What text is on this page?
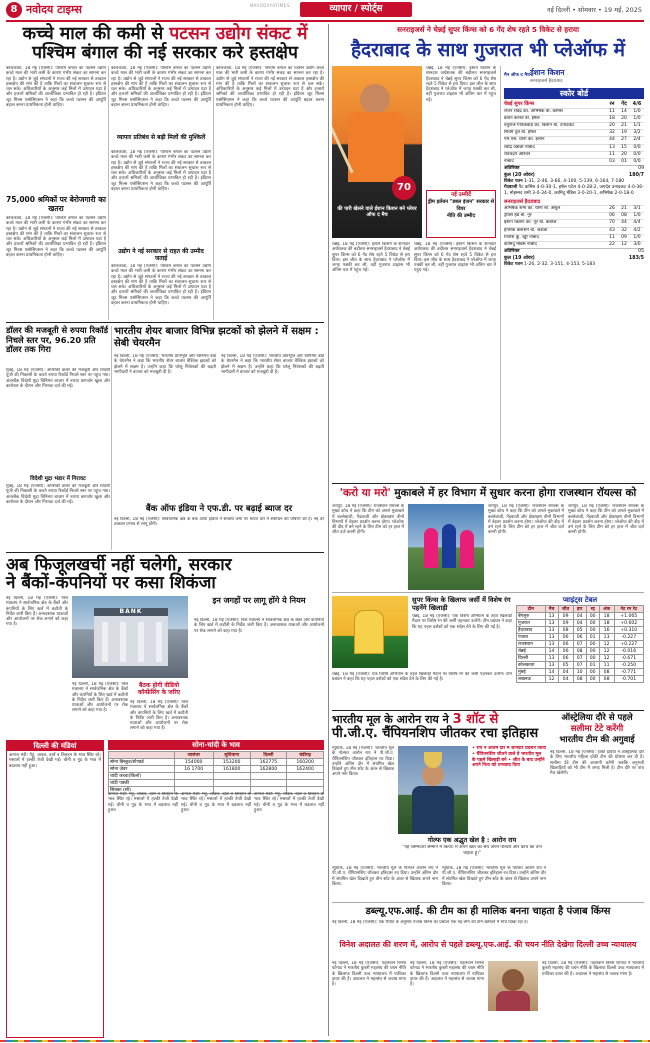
8 नवोदय टाइम्स	NAVODAYATIMES	व्यापार / स्पोर्ट्स	नई दिल्ली • सोमवार • 19 मई, 2025
कच्चे माल की कमी से पटसन उद्योग संकट में
पश्चिम बंगाल की नई सरकार करे हस्तक्षेप
कोलकाता, 18 मई (एजेंसी): पश्चिम बंगाल का पटसन उद्योग कच्चे माल की भारी कमी के कारण गंभीर संकट का सामना कर रहा है। उद्योग से जुड़े संगठनों ने राज्य की नई सरकार से तत्काल हस्तक्षेप की मांग की है ताकि मिलों का संचालन सुचारू रूप से चल सके। अधिकारियों के अनुसार कई मिलों में उत्पादन घटा है और हजारों श्रमिकों की आजीविका प्रभावित हो रही है। इंडियन जूट मिल्स एसोसिएशन ने कहा कि कच्चे पटसन की आपूर्ति बहाल करना प्राथमिकता होनी चाहिए।
75,000 श्रमिकों पर बेरोजगारी का खतरा
कोलकाता, 18 मई (एजेंसी): पश्चिम बंगाल का पटसन उद्योग कच्चे माल की भारी कमी के कारण गंभीर संकट का सामना कर रहा है। उद्योग से जुड़े संगठनों ने राज्य की नई सरकार से तत्काल हस्तक्षेप की मांग की है ताकि मिलों का संचालन सुचारू रूप से चल सके। अधिकारियों के अनुसार कई मिलों में उत्पादन घटा है और हजारों श्रमिकों की आजीविका प्रभावित हो रही है। इंडियन जूट मिल्स एसोसिएशन ने कहा कि कच्चे पटसन की आपूर्ति बहाल करना प्राथमिकता होनी चाहिए।
कोलकाता, 18 मई (एजेंसी): पश्चिम बंगाल का पटसन उद्योग कच्चे माल की भारी कमी के कारण गंभीर संकट का सामना कर रहा है। उद्योग से जुड़े संगठनों ने राज्य की नई सरकार से तत्काल हस्तक्षेप की मांग की है ताकि मिलों का संचालन सुचारू रूप से चल सके। अधिकारियों के अनुसार कई मिलों में उत्पादन घटा है और हजारों श्रमिकों की आजीविका प्रभावित हो रही है। इंडियन जूट मिल्स एसोसिएशन ने कहा कि कच्चे पटसन की आपूर्ति बहाल करना प्राथमिकता होनी चाहिए।
व्यापार प्रतिबंध से बढ़ी मिलों की मुश्किलें
कोलकाता, 18 मई (एजेंसी): पश्चिम बंगाल का पटसन उद्योग कच्चे माल की भारी कमी के कारण गंभीर संकट का सामना कर रहा है। उद्योग से जुड़े संगठनों ने राज्य की नई सरकार से तत्काल हस्तक्षेप की मांग की है ताकि मिलों का संचालन सुचारू रूप से चल सके। अधिकारियों के अनुसार कई मिलों में उत्पादन घटा है और हजारों श्रमिकों की आजीविका प्रभावित हो रही है। इंडियन जूट मिल्स एसोसिएशन ने कहा कि कच्चे पटसन की आपूर्ति बहाल करना प्राथमिकता होनी चाहिए।
उद्योग ने नई सरकार से राहत की उम्मीद जताई
कोलकाता, 18 मई (एजेंसी): पश्चिम बंगाल का पटसन उद्योग कच्चे माल की भारी कमी के कारण गंभीर संकट का सामना कर रहा है। उद्योग से जुड़े संगठनों ने राज्य की नई सरकार से तत्काल हस्तक्षेप की मांग की है ताकि मिलों का संचालन सुचारू रूप से चल सके। अधिकारियों के अनुसार कई मिलों में उत्पादन घटा है और हजारों श्रमिकों की आजीविका प्रभावित हो रही है। इंडियन जूट मिल्स एसोसिएशन ने कहा कि कच्चे पटसन की आपूर्ति बहाल करना प्राथमिकता होनी चाहिए।
कोलकाता, 18 मई (एजेंसी): पश्चिम बंगाल का पटसन उद्योग कच्चे माल की भारी कमी के कारण गंभीर संकट का सामना कर रहा है। उद्योग से जुड़े संगठनों ने राज्य की नई सरकार से तत्काल हस्तक्षेप की मांग की है ताकि मिलों का संचालन सुचारू रूप से चल सके। अधिकारियों के अनुसार कई मिलों में उत्पादन घटा है और हजारों श्रमिकों की आजीविका प्रभावित हो रही है। इंडियन जूट मिल्स एसोसिएशन ने कहा कि कच्चे पटसन की आपूर्ति बहाल करना प्राथमिकता होनी चाहिए।
डॉलर की मजबूती से रुपया रिकॉर्ड निचले स्तर पर, 96.20 प्रति डॉलर तक गिरा
मुंबई, 18 मई (एजेंसी): अमरीकी डॉलर की मजबूती और विदेशी पूंजी की निकासी के चलते रुपया रिकॉर्ड निचले स्तर पर पहुंच गया। अंतरबैंक विदेशी मुद्रा विनिमय बाजार में रुपया कमजोर खुला और कारोबार के दौरान और गिरावट दर्ज की गई।
विदेशी मुद्रा भंडार में गिरावट
मुंबई, 18 मई (एजेंसी): अमरीकी डॉलर की मजबूती और विदेशी पूंजी की निकासी के चलते रुपया रिकॉर्ड निचले स्तर पर पहुंच गया। अंतरबैंक विदेशी मुद्रा विनिमय बाजार में रुपया कमजोर खुला और कारोबार के दौरान और गिरावट दर्ज की गई।
भारतीय शेयर बाजार विभिन्न झटकों को झेलने में सक्षम : सेबी चेयरमैन
नई दिल्ली, 18 मई (एजेंसी): भारतीय प्रतिभूति और विनिमय बोर्ड के चेयरमैन ने कहा कि भारतीय शेयर बाजार वैश्विक झटकों को झेलने में सक्षम है। उन्होंने कहा कि घरेलू निवेशकों की बढ़ती भागीदारी ने बाजार को मजबूती दी है।
नई दिल्ली, 18 मई (एजेंसी): भारतीय प्रतिभूति और विनिमय बोर्ड के चेयरमैन ने कहा कि भारतीय शेयर बाजार वैश्विक झटकों को झेलने में सक्षम है। उन्होंने कहा कि घरेलू निवेशकों की बढ़ती भागीदारी ने बाजार को मजबूती दी है।
बैंक ऑफ इंडिया ने एफ.डी. पर बढ़ाई ब्याज दर
नई दिल्ली, 18 मई (एजेंसी): सार्वजनिक क्षेत्र के बैंक ऑफ इंडिया ने सावधि जमा पर ब्याज दरों में संशोधन की घोषणा की है। नई दरें तत्काल प्रभाव से लागू होंगी।
अब फिजूलखर्ची नहीं चलेगी, सरकार
ने बैंकों-कंपनियों पर कसा शिकंजा
नई दिल्ली, 18 मई (एजेंसी): वित्त मंत्रालय ने सार्वजनिक क्षेत्र के बैंकों और कंपनियों के लिए खर्च में कटौती के निर्देश जारी किए हैं। अनावश्यक यात्राओं और आयोजनों पर रोक लगाने को कहा गया है।
BANK
नई दिल्ली, 18 मई (एजेंसी): वित्त मंत्रालय ने सार्वजनिक क्षेत्र के बैंकों और कंपनियों के लिए खर्च में कटौती के निर्देश जारी किए हैं। अनावश्यक यात्राओं और आयोजनों पर रोक लगाने को कहा गया है।
बैठक होगी वीडियो कॉन्फ्रेंसिंग के जरिए
नई दिल्ली, 18 मई (एजेंसी): वित्त मंत्रालय ने सार्वजनिक क्षेत्र के बैंकों और कंपनियों के लिए खर्च में कटौती के निर्देश जारी किए हैं। अनावश्यक यात्राओं और आयोजनों पर रोक लगाने को कहा गया है।
इन जगहों पर लागू होंगे ये नियम
नई दिल्ली, 18 मई (एजेंसी): वित्त मंत्रालय ने सार्वजनिक क्षेत्र के बैंकों और कंपनियों के लिए खर्च में कटौती के निर्देश जारी किए हैं। अनावश्यक यात्राओं और आयोजनों पर रोक लगाने को कहा गया है।
दिल्ली की मंडियां
अनाज मंडी: गेहूं, चावल, दालें व तिलहन के भाव स्थिर रहे। मसालों में हल्की तेजी देखी गई। चीनी व गुड़ के भाव में बदलाव नहीं हुआ।
सोना-चांदी के भाव
	जालंधर	लुधियाना	दिल्ली	चंडीगढ़
सोना बिस्कुट/स्टैण्डर्ड	154000	153200	162775	160200
सोना ज़ेवर	16 1700	161800	162800	162400
चांदी कच्चा(किलो)				
चांदी पक्की				
सिक्का (सौ)				
अनाज मंडी: गेहूं, चावल, दालें व तिलहन के भाव स्थिर रहे। मसालों में हल्की तेजी देखी गई। चीनी व गुड़ के भाव में बदलाव नहीं हुआ।
अनाज मंडी: गेहूं, चावल, दालें व तिलहन के भाव स्थिर रहे। मसालों में हल्की तेजी देखी गई। चीनी व गुड़ के भाव में बदलाव नहीं हुआ।
अनाज मंडी: गेहूं, चावल, दालें व तिलहन के भाव स्थिर रहे। मसालों में हल्की तेजी देखी गई। चीनी व गुड़ के भाव में बदलाव नहीं हुआ।
सनराइजर्स ने चेन्नई सुपर किंग्स को 6 गेंद शेष रहते 5 विकेट से हराया
हैदराबाद के साथ गुजरात भी प्लेऑफ में
70
की पारी खेलने वाले ईशान किशन बने प्लेयर ऑफ द मैच
चेन्नई, 18 मई (एजेंसी): ईशान किशन के शानदार अर्धशतक की बदौलत सनराइजर्स हैदराबाद ने चेन्नई सुपर किंग्स को 6 गेंद शेष रहते 5 विकेट से हरा दिया। इस जीत के साथ हैदराबाद ने प्लेऑफ में जगह पक्की कर ली, वहीं गुजरात टाइटंस भी अंतिम चार में पहुंच गई।
चेन्नई, 18 मई (एजेंसी): ईशान किशन के शानदार अर्धशतक की बदौलत सनराइजर्स हैदराबाद ने चेन्नई सुपर किंग्स को 6 गेंद शेष रहते 5 विकेट से हरा दिया। इस जीत के साथ हैदराबाद ने प्लेऑफ में जगह पक्की कर ली, वहीं गुजरात टाइटंस भी अंतिम चार में पहुंच गई।
चेन्नई, 18 मई (एजेंसी): ईशान किशन के शानदार अर्धशतक की बदौलत सनराइजर्स हैदराबाद ने चेन्नई सुपर किंग्स को 6 गेंद शेष रहते 5 विकेट से हरा दिया। इस जीत के साथ हैदराबाद ने प्लेऑफ में जगह पक्की कर ली, वहीं गुजरात टाइटंस भी अंतिम चार में पहुंच गई।
नई उम्मीदें
ड्रीम इलेवन "डबल इंजन" सरकार से विवर
नीति की उम्मीद
मैन ऑफ द मैच ईशान किशन
सनराइजर्स हैदराबाद
स्कोर बोर्ड
चेन्नई सुपर किंग्स	रन	गेंद	4/6
रचिन रविंद्र का. अभिषेक बो. कमिंस	11	14	1/0
डेवोन कॉनवे बो. हर्षल	18	20	1/0
रुतुराज गायकवाड़ का. किशन बो. उनादकट	20	21	1/1
शिवम दुबे बो. हर्षल	32	19	3/2
एम.एस. धोनी का. ईशान	44	27	2/4
रवींद्र जडेजा नाबाद	13	15	0/0
रविचंद्रन अश्विन	11	20	0/0
नाबाद	03	01	0/0
अतिरिक्त	09
कुल (20 ओवर)	180/7
विकेट पतन 1-31, 2-46, 3-66, 4-100, 5-139, 6-164, 7-180
गेंदबाजी पैट कमिंस 4-0-30-1, हर्षल पटेल 4-0-28-2, जयदेव उनादकट 4-0-36-1, मोहम्मद शमी 3-0-34-0, कामिंदु मेंडिस 3-0-20-1, अभिषेक 2-0-18-0
सनराइजर्स हैदराबाद
अभिषेक शर्मा का. धोनी बो. अंशुल	26	21	3/1
ट्रेविस हेड बो. नूर	06	08	1/0
ईशान किशन का. नूर बो. कंबोज	70	44	4/4
हेनरिक क्लासेन बो. जडेजा	43	32	4/2
नितीश कु. रेड्डी नाबाद	11	09	1/0
कामिंदु मेंडिस नाबाद	22	12	3/0
अतिरिक्त	05
कुल (19 ओवर)	183/5
विकेट पतन 1-26, 2-32, 3-151, 4-153, 5-183
'करो या मरो' मुकाबले में हर विभाग में सुधार करना होगा राजस्थान रॉयल्स को
जयपुर, 18 मई (एजेंसी): राजस्थान रॉयल्स के मुख्य कोच ने कहा कि टीम को अगले मुकाबले में बल्लेबाजी, गेंदबाजी और क्षेत्ररक्षण तीनों विभागों में बेहतर प्रदर्शन करना होगा। प्लेऑफ की दौड़ में बने रहने के लिए टीम को हर हाल में जीत दर्ज करनी होगी।
जयपुर, 18 मई (एजेंसी): राजस्थान रॉयल्स के मुख्य कोच ने कहा कि टीम को अगले मुकाबले में बल्लेबाजी, गेंदबाजी और क्षेत्ररक्षण तीनों विभागों में बेहतर प्रदर्शन करना होगा। प्लेऑफ की दौड़ में बने रहने के लिए टीम को हर हाल में जीत दर्ज करनी होगी।
जयपुर, 18 मई (एजेंसी): राजस्थान रॉयल्स के मुख्य कोच ने कहा कि टीम को अगले मुकाबले में बल्लेबाजी, गेंदबाजी और क्षेत्ररक्षण तीनों विभागों में बेहतर प्रदर्शन करना होगा। प्लेऑफ की दौड़ में बने रहने के लिए टीम को हर हाल में जीत दर्ज करनी होगी।
सुपर किंग्स के खिलाफ जर्सी में विशेष रंग पहनेंगे खिलाड़ी
चेन्नई, 18 मई (एजेंसी): एक विशेष अभियान के तहत खिलाड़ी मैदान पर विशेष रंग की जर्सी पहनकर उतरेंगे। टीम प्रबंधन ने कहा कि यह पहल दर्शकों को एक संदेश देने के लिए की गई है।
प्वाइंट्स टेबल
टीम	मैच	जीत	हार	रद्द	अंक	नेट रन रेट
बेंगलुरु	13	09	04	00	18	+1.065
गुजरात	13	09	04	00	18	+0.602
हैदराबाद	13	08	05	00	16	+0.310
पंजाब	13	06	06	01	13	-0.227
राजस्थान	13	06	07	00	12	+0.227
चेन्नई	14	06	08	00	12	-0.016
दिल्ली	13	06	07	00	12	-0.671
कोलकाता	13	05	07	01	11	-0.250
मुंबई	14	04	10	00	08	-0.771
लखनऊ	12	04	08	00	08	-0.701
चेन्नई, 18 मई (एजेंसी): एक विशेष अभियान के तहत खिलाड़ी मैदान पर विशेष रंग की जर्सी पहनकर उतरेंगे। टीम प्रबंधन ने कहा कि यह पहल दर्शकों को एक संदेश देने के लिए की गई है।
भारतीय मूल के आरोन राय ने 3 शॉट से
पी.जी.ए. चैंपियनशिप जीतकर रचा इतिहास
न्यूयॉर्क, 18 मई (एजेंसी): भारतीय मूल के गोल्फर आरोन राय ने पी.जी.ए. चैंपियनशिप जीतकर इतिहास रच दिया। उन्होंने अंतिम दौर में संयमित खेल दिखाते हुए तीन शॉट के अंतर से खिताब अपने नाम किया।
• राय ने अंतिम दौर में शानदार प्रदर्शन किया • चैंपियनशिप जीतने वाले वे भारतीय मूल के पहले खिलाड़ी बने • जीत के बाद उन्होंने अपने पिता को धन्यवाद दिया
गोल्फ एक अद्भुत खेल है : आरोन राय
"यह जिम्मेदारी सम्मान में किया। मैं अपने खेल का श्रेय अपने परिवार और कोच को देना चाहता हूं।"
न्यूयॉर्क, 18 मई (एजेंसी): भारतीय मूल के गोल्फर आरोन राय ने पी.जी.ए. चैंपियनशिप जीतकर इतिहास रच दिया। उन्होंने अंतिम दौर में संयमित खेल दिखाते हुए तीन शॉट के अंतर से खिताब अपने नाम किया।
न्यूयॉर्क, 18 मई (एजेंसी): भारतीय मूल के गोल्फर आरोन राय ने पी.जी.ए. चैंपियनशिप जीतकर इतिहास रच दिया। उन्होंने अंतिम दौर में संयमित खेल दिखाते हुए तीन शॉट के अंतर से खिताब अपने नाम किया।
ऑस्ट्रेलिया दौरे से पहले
सलीमा टेटे करेंगी
भारतीय टीम की अगुवाई
नई दिल्ली, 18 मई (एजेंसी): हॉकी इंडिया ने ऑस्ट्रेलिया दौरे के लिए भारतीय महिला हॉकी टीम की घोषणा कर दी है। सलीमा टेटे टीम की कप्तानी करेंगी जबकि अनुभवी खिलाड़ियों को भी टीम में जगह मिली है। टीम दौरे पर पांच मैच खेलेगी।
डब्ल्यू.एफ.आई. की टीम का ही मालिक बनना चाहता है पंजाब किंग्स
नई दिल्ली, 18 मई (एजेंसी): एक रिपोर्ट के अनुसार पंजाब किंग्स का प्रबंधन एक नई लीग की टीम खरीदने में रुचि दिखा रहा है।
विनेश अदालत की शरण में, आरोप से पहले डब्ल्यू.एफ.आई. की चयन नीति देखेगा दिल्ली उच्च न्यायालय
नई दिल्ली, 18 मई (एजेंसी): पहलवान विनेश फोगाट ने भारतीय कुश्ती महासंघ की चयन नीति के खिलाफ दिल्ली उच्च न्यायालय में याचिका दायर की है। अदालत ने महासंघ से जवाब मांगा है।
नई दिल्ली, 18 मई (एजेंसी): पहलवान विनेश फोगाट ने भारतीय कुश्ती महासंघ की चयन नीति के खिलाफ दिल्ली उच्च न्यायालय में याचिका दायर की है। अदालत ने महासंघ से जवाब मांगा है।
नई दिल्ली, 18 मई (एजेंसी): पहलवान विनेश फोगाट ने भारतीय कुश्ती महासंघ की चयन नीति के खिलाफ दिल्ली उच्च न्यायालय में याचिका दायर की है। अदालत ने महासंघ से जवाब मांगा है।
